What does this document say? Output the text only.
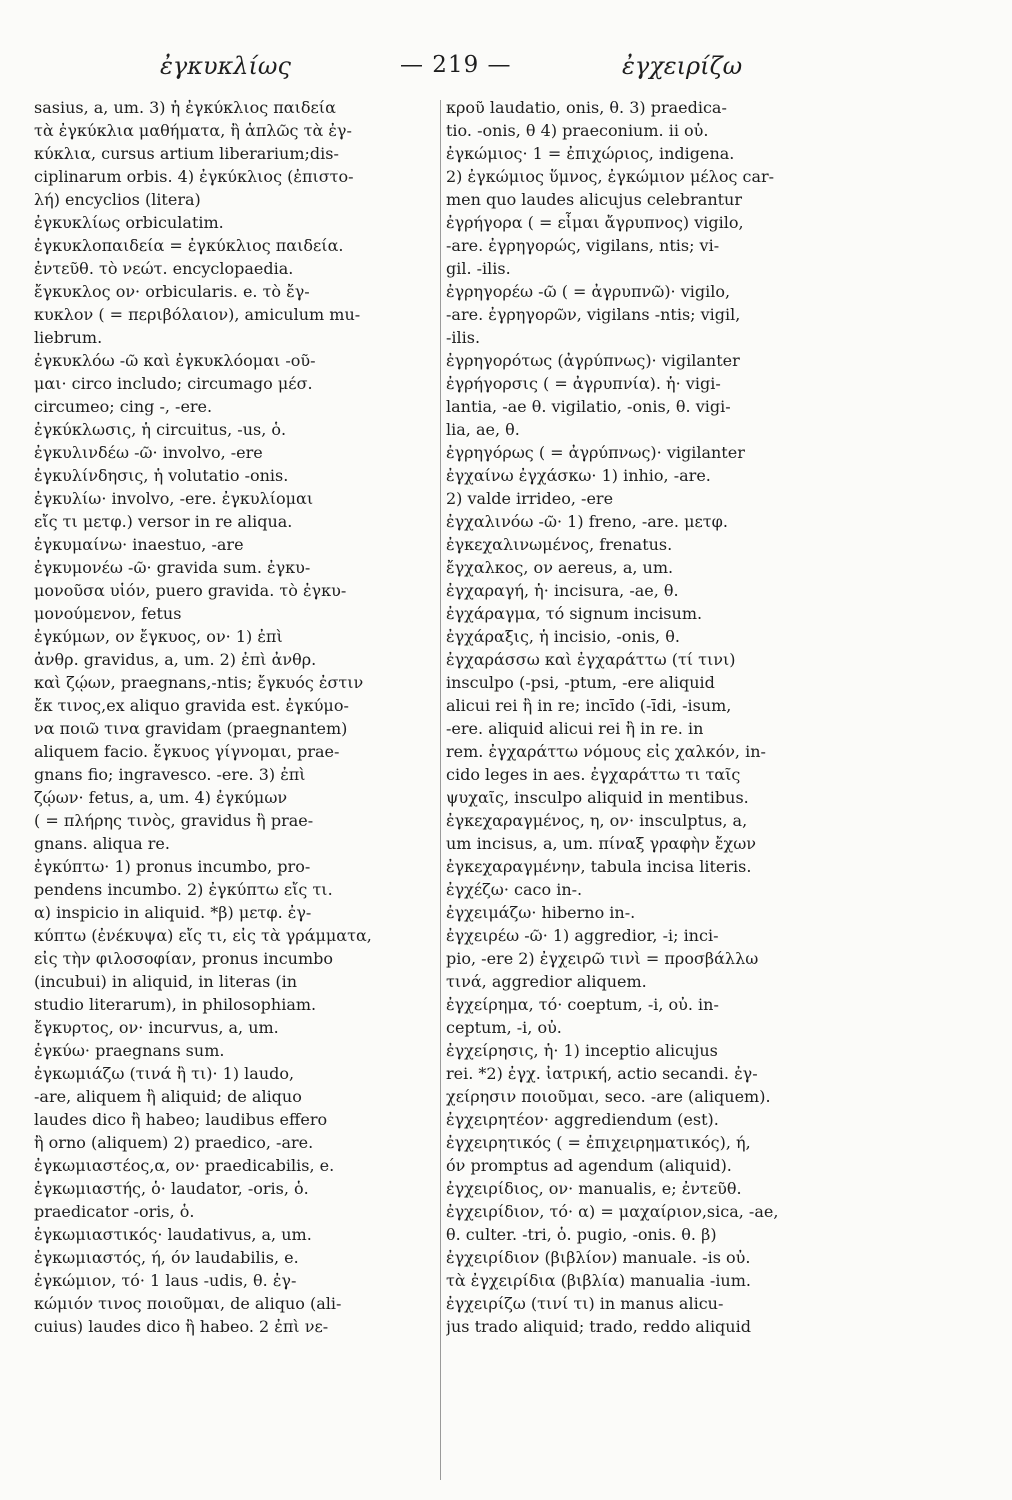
ἐγκυκλίως	— 219 —	ἐγχειρίζω
sasius, a, um. 3) ἡ ἐγκύκλιος παιδεία
τὰ ἐγκύκλια μαθήματα, ἢ ἁπλῶς τὰ ἐγ-
κύκλια, cursus artium liberarium;dis-
ciplinarum orbis. 4) ἐγκύκλιος (ἐπιστο-
λή) encyclios (litera)
ἐγκυκλίως orbiculatim.
ἐγκυκλοπαιδεία = ἐγκύκλιος παιδεία.
ἐντεῦθ. τὸ νεώτ. encyclopaedia.
ἔγκυκλος ον· orbicularis. e. τὸ ἔγ-
κυκλον ( = περιβόλαιον), amiculum mu-
liebrum.
ἐγκυκλόω -ῶ καὶ ἐγκυκλόομαι -οῦ-
μαι· circo includo; circumago μέσ.
circumeo; cing -, -ere.
ἐγκύκλωσις, ἡ circuitus, -us, ὁ.
ἐγκυλινδέω -ῶ· involvo, -ere
ἐγκυλίνδησις, ἡ volutatio -onis.
ἐγκυλίω· involvo, -ere. ἐγκυλίομαι
εἴς τι μετφ.) versor in re aliqua.
ἐγκυμαίνω· inaestuo, -are
ἐγκυμονέω -ῶ· gravida sum. ἐγκυ-
μονοῦσα υἱόν, puero gravida. τὸ ἐγκυ-
μονούμενον, fetus
ἐγκύμων, ον ἔγκυος, ον· 1) ἐπὶ
ἀνθρ. gravidus, a, um. 2) ἐπὶ ἀνθρ.
καὶ ζῴων, praegnans,-ntis; ἔγκυός ἐστιν
ἔκ τινος,ex aliquo gravida est. ἐγκύμο-
να ποιῶ τινα gravidam (praegnantem)
aliquem facio. ἔγκυος γίγνομαι, prae-
gnans fio; ingravesco. -ere. 3) ἐπὶ
ζῴων· fetus, a, um. 4) ἐγκύμων
( = πλήρης τινὸς, gravidus ἢ prae-
gnans. aliqua re.
ἐγκύπτω· 1) pronus incumbo, pro-
pendens incumbo. 2) ἐγκύπτω εἴς τι.
α) inspicio in aliquid. *β) μετφ. ἐγ-
κύπτω (ἐνέκυψα) εἴς τι, εἰς τὰ γράμματα,
εἰς τὴν φιλοσοφίαν, pronus incumbo
(incubui) in aliquid, in literas (in
studio literarum), in philosophiam.
ἔγκυρτος, ον· incurvus, a, um.
ἐγκύω· praegnans sum.
ἐγκωμιάζω (τινά ἢ τι)· 1) laudo,
-are, aliquem ἢ aliquid; de aliquo
laudes dico ἢ habeo; laudibus effero
ἢ orno (aliquem) 2) praedico, -are.
ἐγκωμιαστέος,α, ον· praedicabilis, e.
ἐγκωμιαστής, ὁ· laudator, -oris, ὁ.
praedicator -oris, ὁ.
ἐγκωμιαστικός· laudativus, a, um.
ἐγκωμιαστός, ή, όν laudabilis, e.
ἐγκώμιον, τό· 1 laus -udis, θ. ἐγ-
κώμιόν τινος ποιοῦμαι, de aliquo (ali-
cuius) laudes dico ἢ habeo. 2 ἐπὶ νε-
κροῦ laudatio, onis, θ. 3) praedica-
tio. -onis, θ 4) praeconium. ii οὐ.
ἐγκώμιος· 1 = ἐπιχώριος, indigena.
2) ἐγκώμιος ὕμνος, ἐγκώμιον μέλος car-
men quo laudes alicujus celebrantur
ἐγρήγορα ( = εἶμαι ἄγρυπνος) vigilo,
-are. ἐγρηγορώς, vigilans, ntis; vi-
gil. -ilis.
ἐγρηγορέω -ῶ ( = ἀγρυπνῶ)· vigilo,
-are. ἐγρηγορῶν, vigilans -ntis; vigil,
-ilis.
ἐγρηγορότως (ἀγρύπνως)· vigilanter
ἐγρήγορσις ( = ἀγρυπνία). ἡ· vigi-
lantia, -ae θ. vigilatio, -onis, θ. vigi-
lia, ae, θ.
ἐγρηγόρως ( = ἀγρύπνως)· vigilanter
ἐγχαίνω ἐγχάσκω· 1) inhio, -are.
2) valde irrideo, -ere
ἐγχαλινόω -ῶ· 1) freno, -are. μετφ.
ἐγκεχαλινωμένος, frenatus.
ἔγχαλκος, ον aereus, a, um.
ἐγχαραγή, ἡ· incisura, -ae, θ.
ἐγχάραγμα, τό signum incisum.
ἐγχάραξις, ἡ incisio, -onis, θ.
ἐγχαράσσω καὶ ἐγχαράττω (τί τινι)
insculpo (-psi, -ptum, -ere aliquid
alicui rei ἢ in re; incīdo (-īdi, -isum,
-ere. aliquid alicui rei ἢ in re. in
rem. ἐγχαράττω νόμους εἰς χαλκόν, in-
cido leges in aes. ἐγχαράττω τι ταῖς
ψυχαῖς, insculpo aliquid in mentibus.
ἐγκεχαραγμένος, η, ον· insculptus, a,
um incisus, a, um. πίναξ γραφὴν ἔχων
ἐγκεχαραγμένην, tabula incisa literis.
ἐγχέζω· caco in-.
ἐγχειμάζω· hiberno in-.
ἐγχειρέω -ῶ· 1) aggredior, -i; inci-
pio, -ere 2) ἐγχειρῶ τινὶ = προσβάλλω
τινά, aggredior aliquem.
ἐγχείρημα, τό· coeptum, -i, οὐ. in-
ceptum, -i, οὐ.
ἐγχείρησις, ἡ· 1) inceptio alicujus
rei. *2) ἐγχ. ἰατρική, actio secandi. ἐγ-
χείρησιν ποιοῦμαι, seco. -are (aliquem).
ἐγχειρητέον· aggrediendum (est).
ἐγχειρητικός ( = ἐπιχειρηματικός), ή,
όν promptus ad agendum (aliquid).
ἐγχειρίδιος, ον· manualis, e; ἐντεῦθ.
ἐγχειρίδιον, τό· α) = μαχαίριον,sica, -ae,
θ. culter. -tri, ὁ. pugio, -onis. θ. β)
ἐγχειρίδιον (βιβλίον) manuale. -is οὐ.
τὰ ἐγχειρίδια (βιβλία) manualia -ium.
ἐγχειρίζω (τινί τι) in manus alicu-
jus trado aliquid; trado, reddo aliquid
